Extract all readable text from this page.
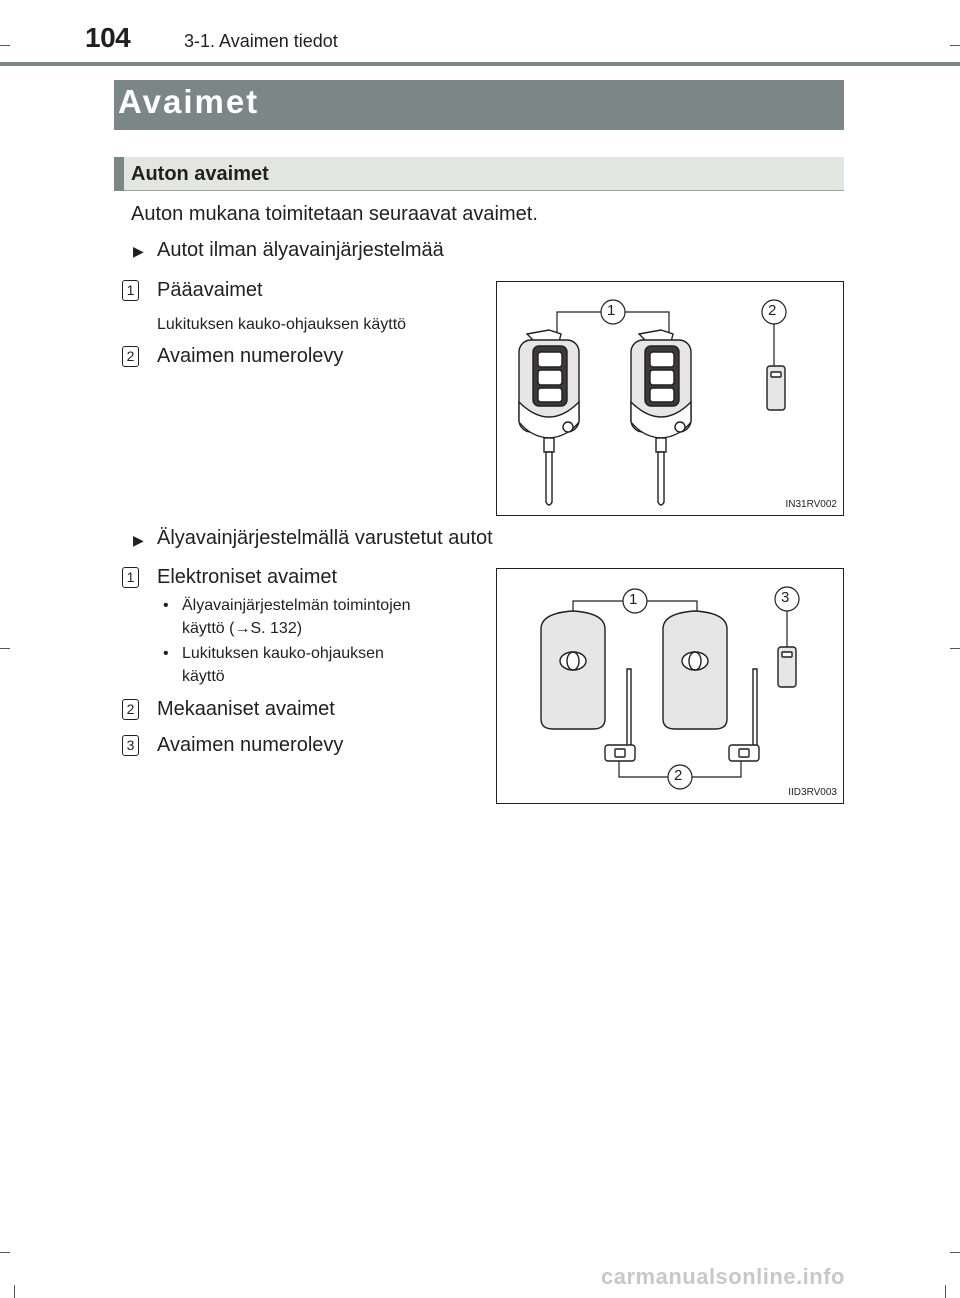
104	3-1. Avaimen tiedot
Avaimet
Auton avaimet
Auton mukana toimitetaan seuraavat avaimet.
▶ Autot ilman älyavainjärjestelmää
1 Pääavaimet
Lukituksen kauko-ohjauksen käyttö
2 Avaimen numerolevy
IN31RV002
1	2
▶ Älyavainjärjestelmällä varustetut autot
1 Elektroniset avaimet
• Älyavainjärjestelmän toimintojen
käyttö (→S. 132)
• Lukituksen kauko-ohjauksen
käyttö
2 Mekaaniset avaimet
3 Avaimen numerolevy
1	3
2
IID3RV003
carmanualsonline.info
